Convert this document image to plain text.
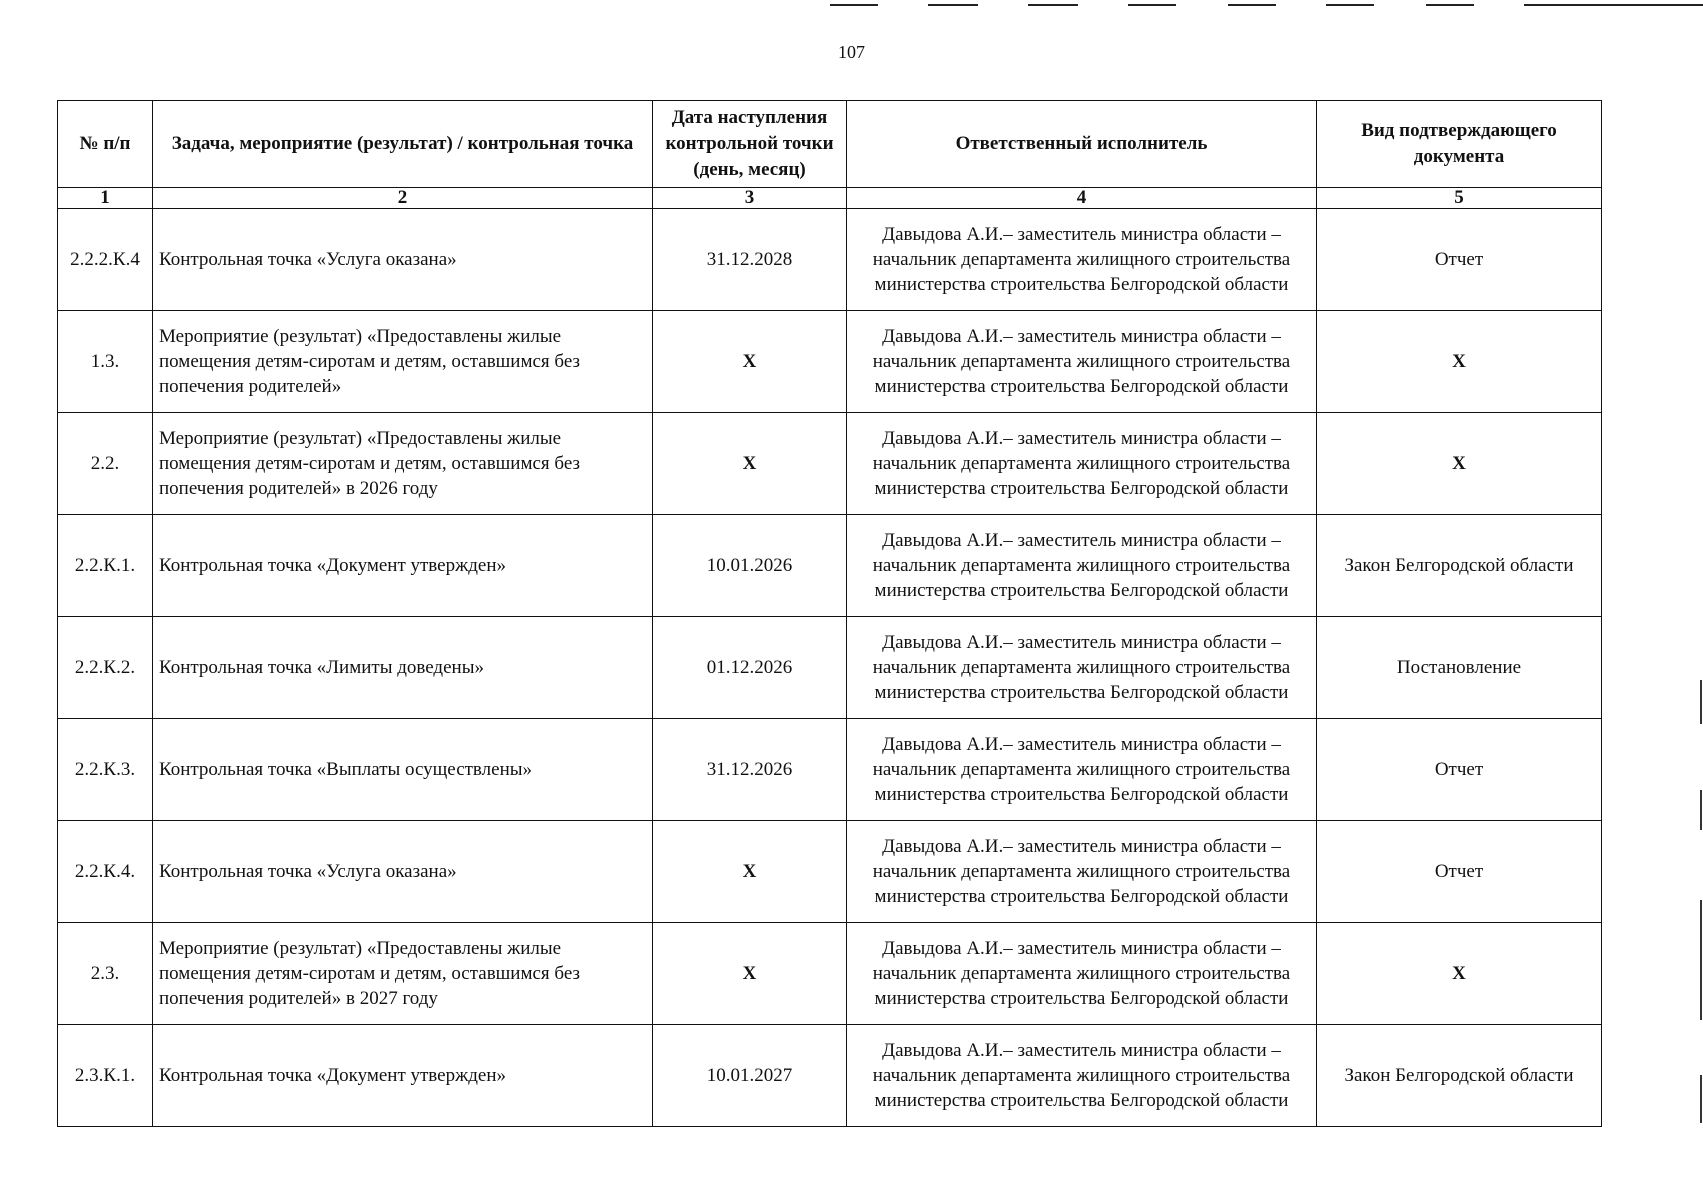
107
№ п/п	Задача, мероприятие (результат) / контрольная точка	Дата наступления контрольной точки (день, месяц)	Ответственный исполнитель	Вид подтверждающего документа
1	2	3	4	5
2.2.2.К.4	Контрольная точка «Услуга оказана»	31.12.2028	Давыдова А.И.– заместитель министра области – начальник департамента жилищного строительства министерства строительства Белгородской области	Отчет
1.3.	Мероприятие (результат) «Предоставлены жилые помещения детям-сиротам и детям, оставшимся без попечения родителей»	X	Давыдова А.И.– заместитель министра области – начальник департамента жилищного строительства министерства строительства Белгородской области	X
2.2.	Мероприятие (результат) «Предоставлены жилые помещения детям-сиротам и детям, оставшимся без попечения родителей» в 2026 году	X	Давыдова А.И.– заместитель министра области – начальник департамента жилищного строительства министерства строительства Белгородской области	X
2.2.К.1.	Контрольная точка «Документ утвержден»	10.01.2026	Давыдова А.И.– заместитель министра области – начальник департамента жилищного строительства министерства строительства Белгородской области	Закон Белгородской области
2.2.К.2.	Контрольная точка «Лимиты доведены»	01.12.2026	Давыдова А.И.– заместитель министра области – начальник департамента жилищного строительства министерства строительства Белгородской области	Постановление
2.2.К.3.	Контрольная точка «Выплаты осуществлены»	31.12.2026	Давыдова А.И.– заместитель министра области – начальник департамента жилищного строительства министерства строительства Белгородской области	Отчет
2.2.К.4.	Контрольная точка «Услуга оказана»	X	Давыдова А.И.– заместитель министра области – начальник департамента жилищного строительства министерства строительства Белгородской области	Отчет
2.3.	Мероприятие (результат) «Предоставлены жилые помещения детям-сиротам и детям, оставшимся без попечения родителей» в 2027 году	X	Давыдова А.И.– заместитель министра области – начальник департамента жилищного строительства министерства строительства Белгородской области	X
2.3.К.1.	Контрольная точка «Документ утвержден»	10.01.2027	Давыдова А.И.– заместитель министра области – начальник департамента жилищного строительства министерства строительства Белгородской области	Закон Белгородской области
